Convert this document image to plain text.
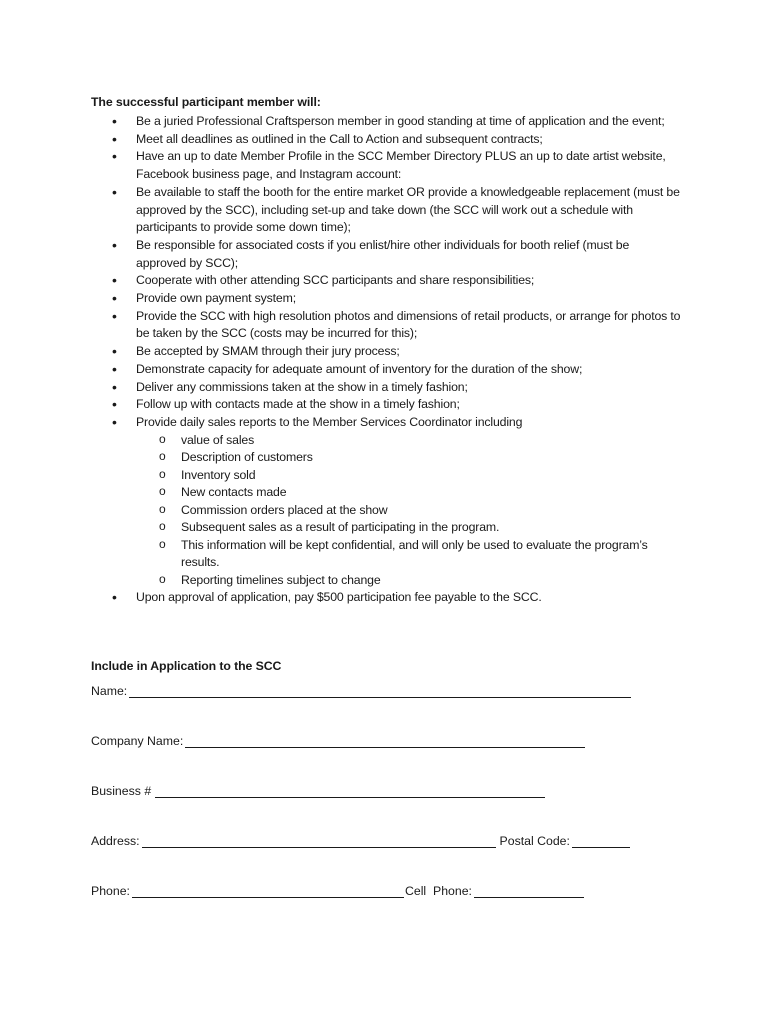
The successful participant member will:
• Be a juried Professional Craftsperson member in good standing at time of application and the event;
• Meet all deadlines as outlined in the Call to Action and subsequent contracts;
• Have an up to date Member Profile in the SCC Member Directory PLUS an up to date artist website, Facebook business page, and Instagram account:
• Be available to staff the booth for the entire market OR provide a knowledgeable replacement (must be approved by the SCC), including set-up and take down (the SCC will work out a schedule with participants to provide some down time);
• Be responsible for associated costs if you enlist/hire other individuals for booth relief (must be approved by SCC);
• Cooperate with other attending SCC participants and share responsibilities;
• Provide own payment system;
• Provide the SCC with high resolution photos and dimensions of retail products, or arrange for photos to be taken by the SCC (costs may be incurred for this);
• Be accepted by SMAM through their jury process;
• Demonstrate capacity for adequate amount of inventory for the duration of the show;
• Deliver any commissions taken at the show in a timely fashion;
• Follow up with contacts made at the show in a timely fashion;
• Provide daily sales reports to the Member Services Coordinator including
o value of sales
o Description of customers
o Inventory sold
o New contacts made
o Commission orders placed at the show
o Subsequent sales as a result of participating in the program.
o This information will be kept confidential, and will only be used to evaluate the program’s results.
o Reporting timelines subject to change
• Upon approval of application, pay $500 participation fee payable to the SCC.
Include in Application to the SCC
Name:
Company Name:
Business #
Address:	Postal Code:
Phone:	Cell  Phone:
